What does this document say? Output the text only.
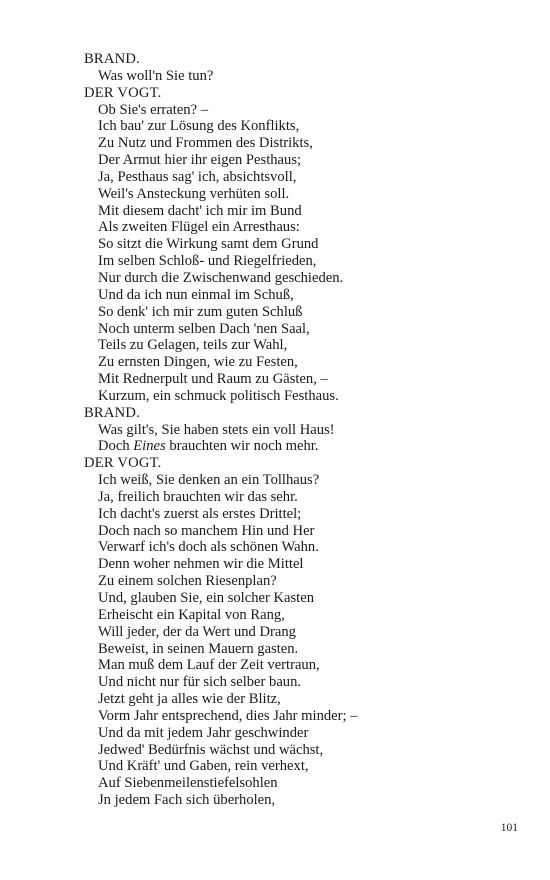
BRAND.
Was woll'n Sie tun?
DER VOGT.
Ob Sie's erraten? –
Ich bau' zur Lösung des Konflikts,
Zu Nutz und Frommen des Distrikts,
Der Armut hier ihr eigen Pesthaus;
Ja, Pesthaus sag' ich, absichtsvoll,
Weil's Ansteckung verhüten soll.
Mit diesem dacht' ich mir im Bund
Als zweiten Flügel ein Arresthaus:
So sitzt die Wirkung samt dem Grund
Im selben Schloß- und Riegelfrieden,
Nur durch die Zwischenwand geschieden.
Und da ich nun einmal im Schuß,
So denk' ich mir zum guten Schluß
Noch unterm selben Dach 'nen Saal,
Teils zu Gelagen, teils zur Wahl,
Zu ernsten Dingen, wie zu Festen,
Mit Rednerpult und Raum zu Gästen, –
Kurzum, ein schmuck politisch Festhaus.
BRAND.
Was gilt's, Sie haben stets ein voll Haus!
Doch Eines brauchten wir noch mehr.
DER VOGT.
Ich weiß, Sie denken an ein Tollhaus?
Ja, freilich brauchten wir das sehr.
Ich dacht's zuerst als erstes Drittel;
Doch nach so manchem Hin und Her
Verwarf ich's doch als schönen Wahn.
Denn woher nehmen wir die Mittel
Zu einem solchen Riesenplan?
Und, glauben Sie, ein solcher Kasten
Erheischt ein Kapital von Rang,
Will jeder, der da Wert und Drang
Beweist, in seinen Mauern gasten.
Man muß dem Lauf der Zeit vertraun,
Und nicht nur für sich selber baun.
Jetzt geht ja alles wie der Blitz,
Vorm Jahr entsprechend, dies Jahr minder; –
Und da mit jedem Jahr geschwinder
Jedwed' Bedürfnis wächst und wächst,
Und Kräft' und Gaben, rein verhext,
Auf Siebenmeilenstiefelsohlen
Jn jedem Fach sich überholen,
101
